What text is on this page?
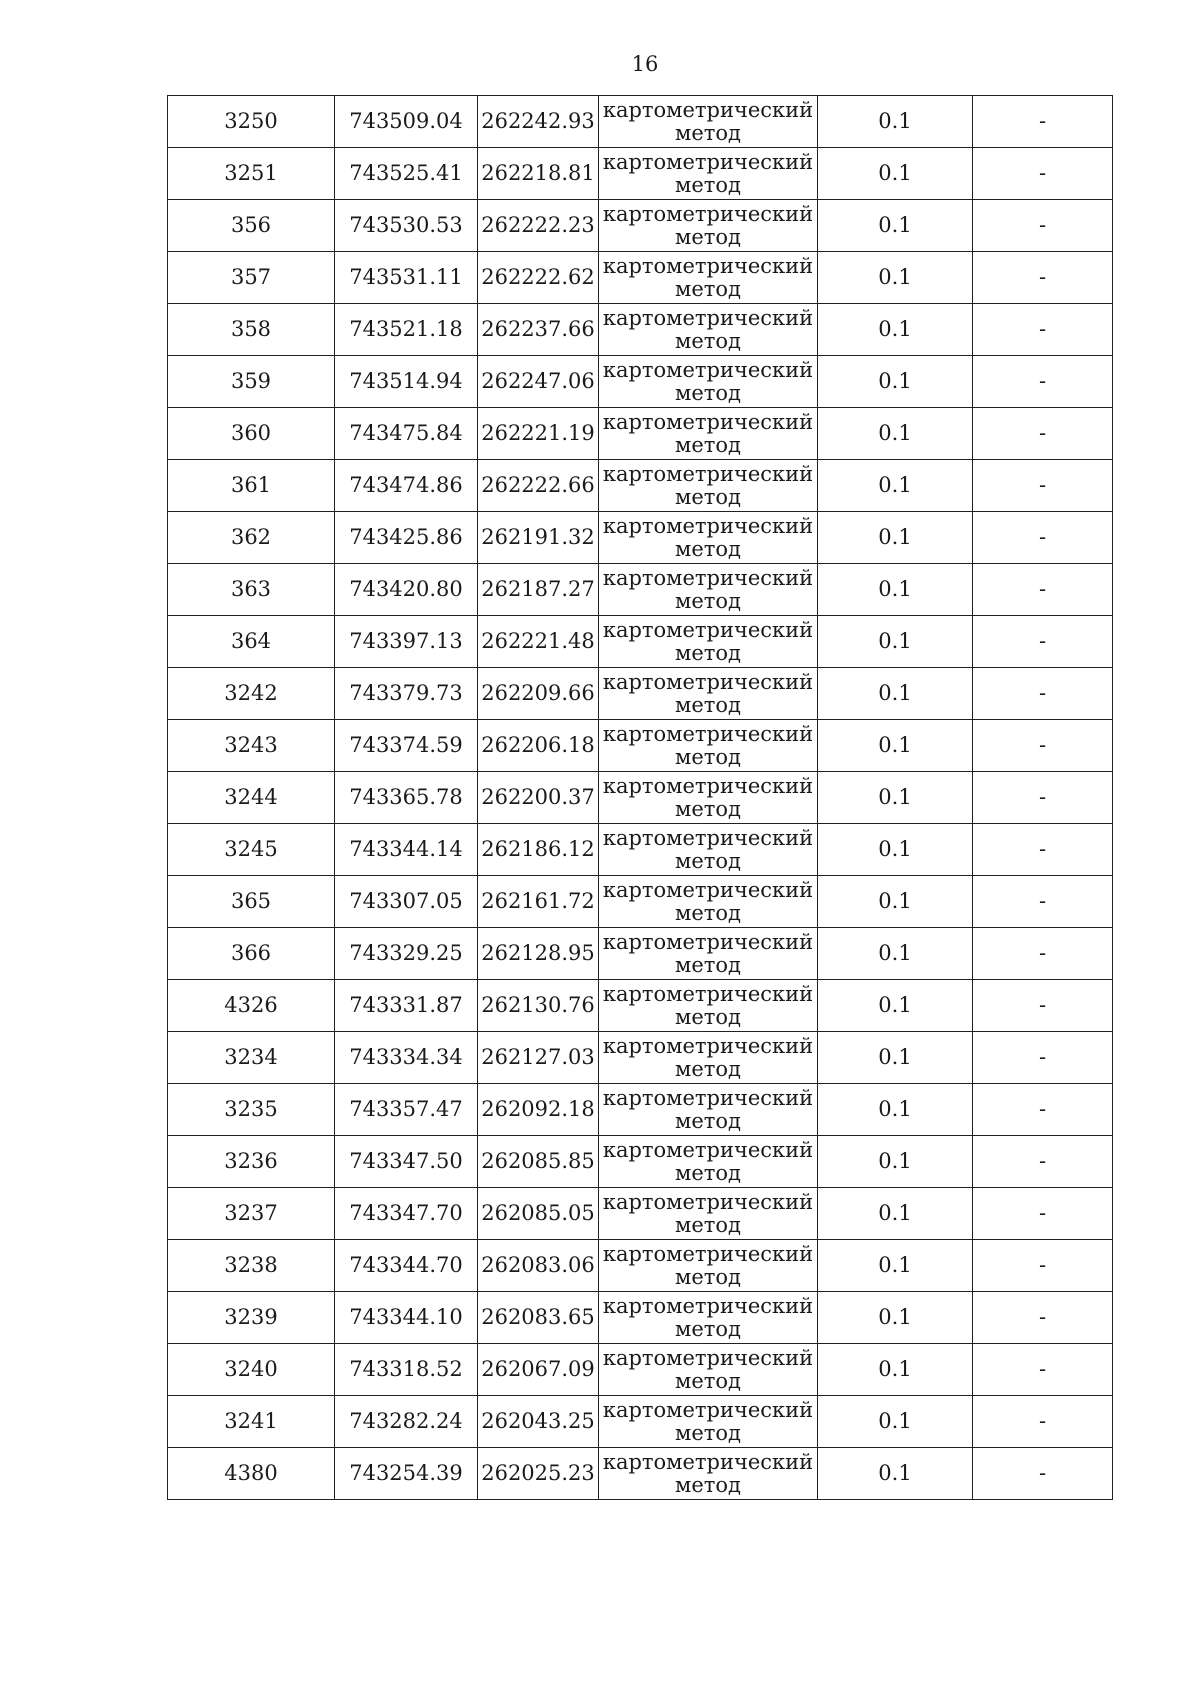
16
3250	743509.04	262242.93	картометрический метод	0.1	-
3251	743525.41	262218.81	картометрический метод	0.1	-
356	743530.53	262222.23	картометрический метод	0.1	-
357	743531.11	262222.62	картометрический метод	0.1	-
358	743521.18	262237.66	картометрический метод	0.1	-
359	743514.94	262247.06	картометрический метод	0.1	-
360	743475.84	262221.19	картометрический метод	0.1	-
361	743474.86	262222.66	картометрический метод	0.1	-
362	743425.86	262191.32	картометрический метод	0.1	-
363	743420.80	262187.27	картометрический метод	0.1	-
364	743397.13	262221.48	картометрический метод	0.1	-
3242	743379.73	262209.66	картометрический метод	0.1	-
3243	743374.59	262206.18	картометрический метод	0.1	-
3244	743365.78	262200.37	картометрический метод	0.1	-
3245	743344.14	262186.12	картометрический метод	0.1	-
365	743307.05	262161.72	картометрический метод	0.1	-
366	743329.25	262128.95	картометрический метод	0.1	-
4326	743331.87	262130.76	картометрический метод	0.1	-
3234	743334.34	262127.03	картометрический метод	0.1	-
3235	743357.47	262092.18	картометрический метод	0.1	-
3236	743347.50	262085.85	картометрический метод	0.1	-
3237	743347.70	262085.05	картометрический метод	0.1	-
3238	743344.70	262083.06	картометрический метод	0.1	-
3239	743344.10	262083.65	картометрический метод	0.1	-
3240	743318.52	262067.09	картометрический метод	0.1	-
3241	743282.24	262043.25	картометрический метод	0.1	-
4380	743254.39	262025.23	картометрический метод	0.1	-
